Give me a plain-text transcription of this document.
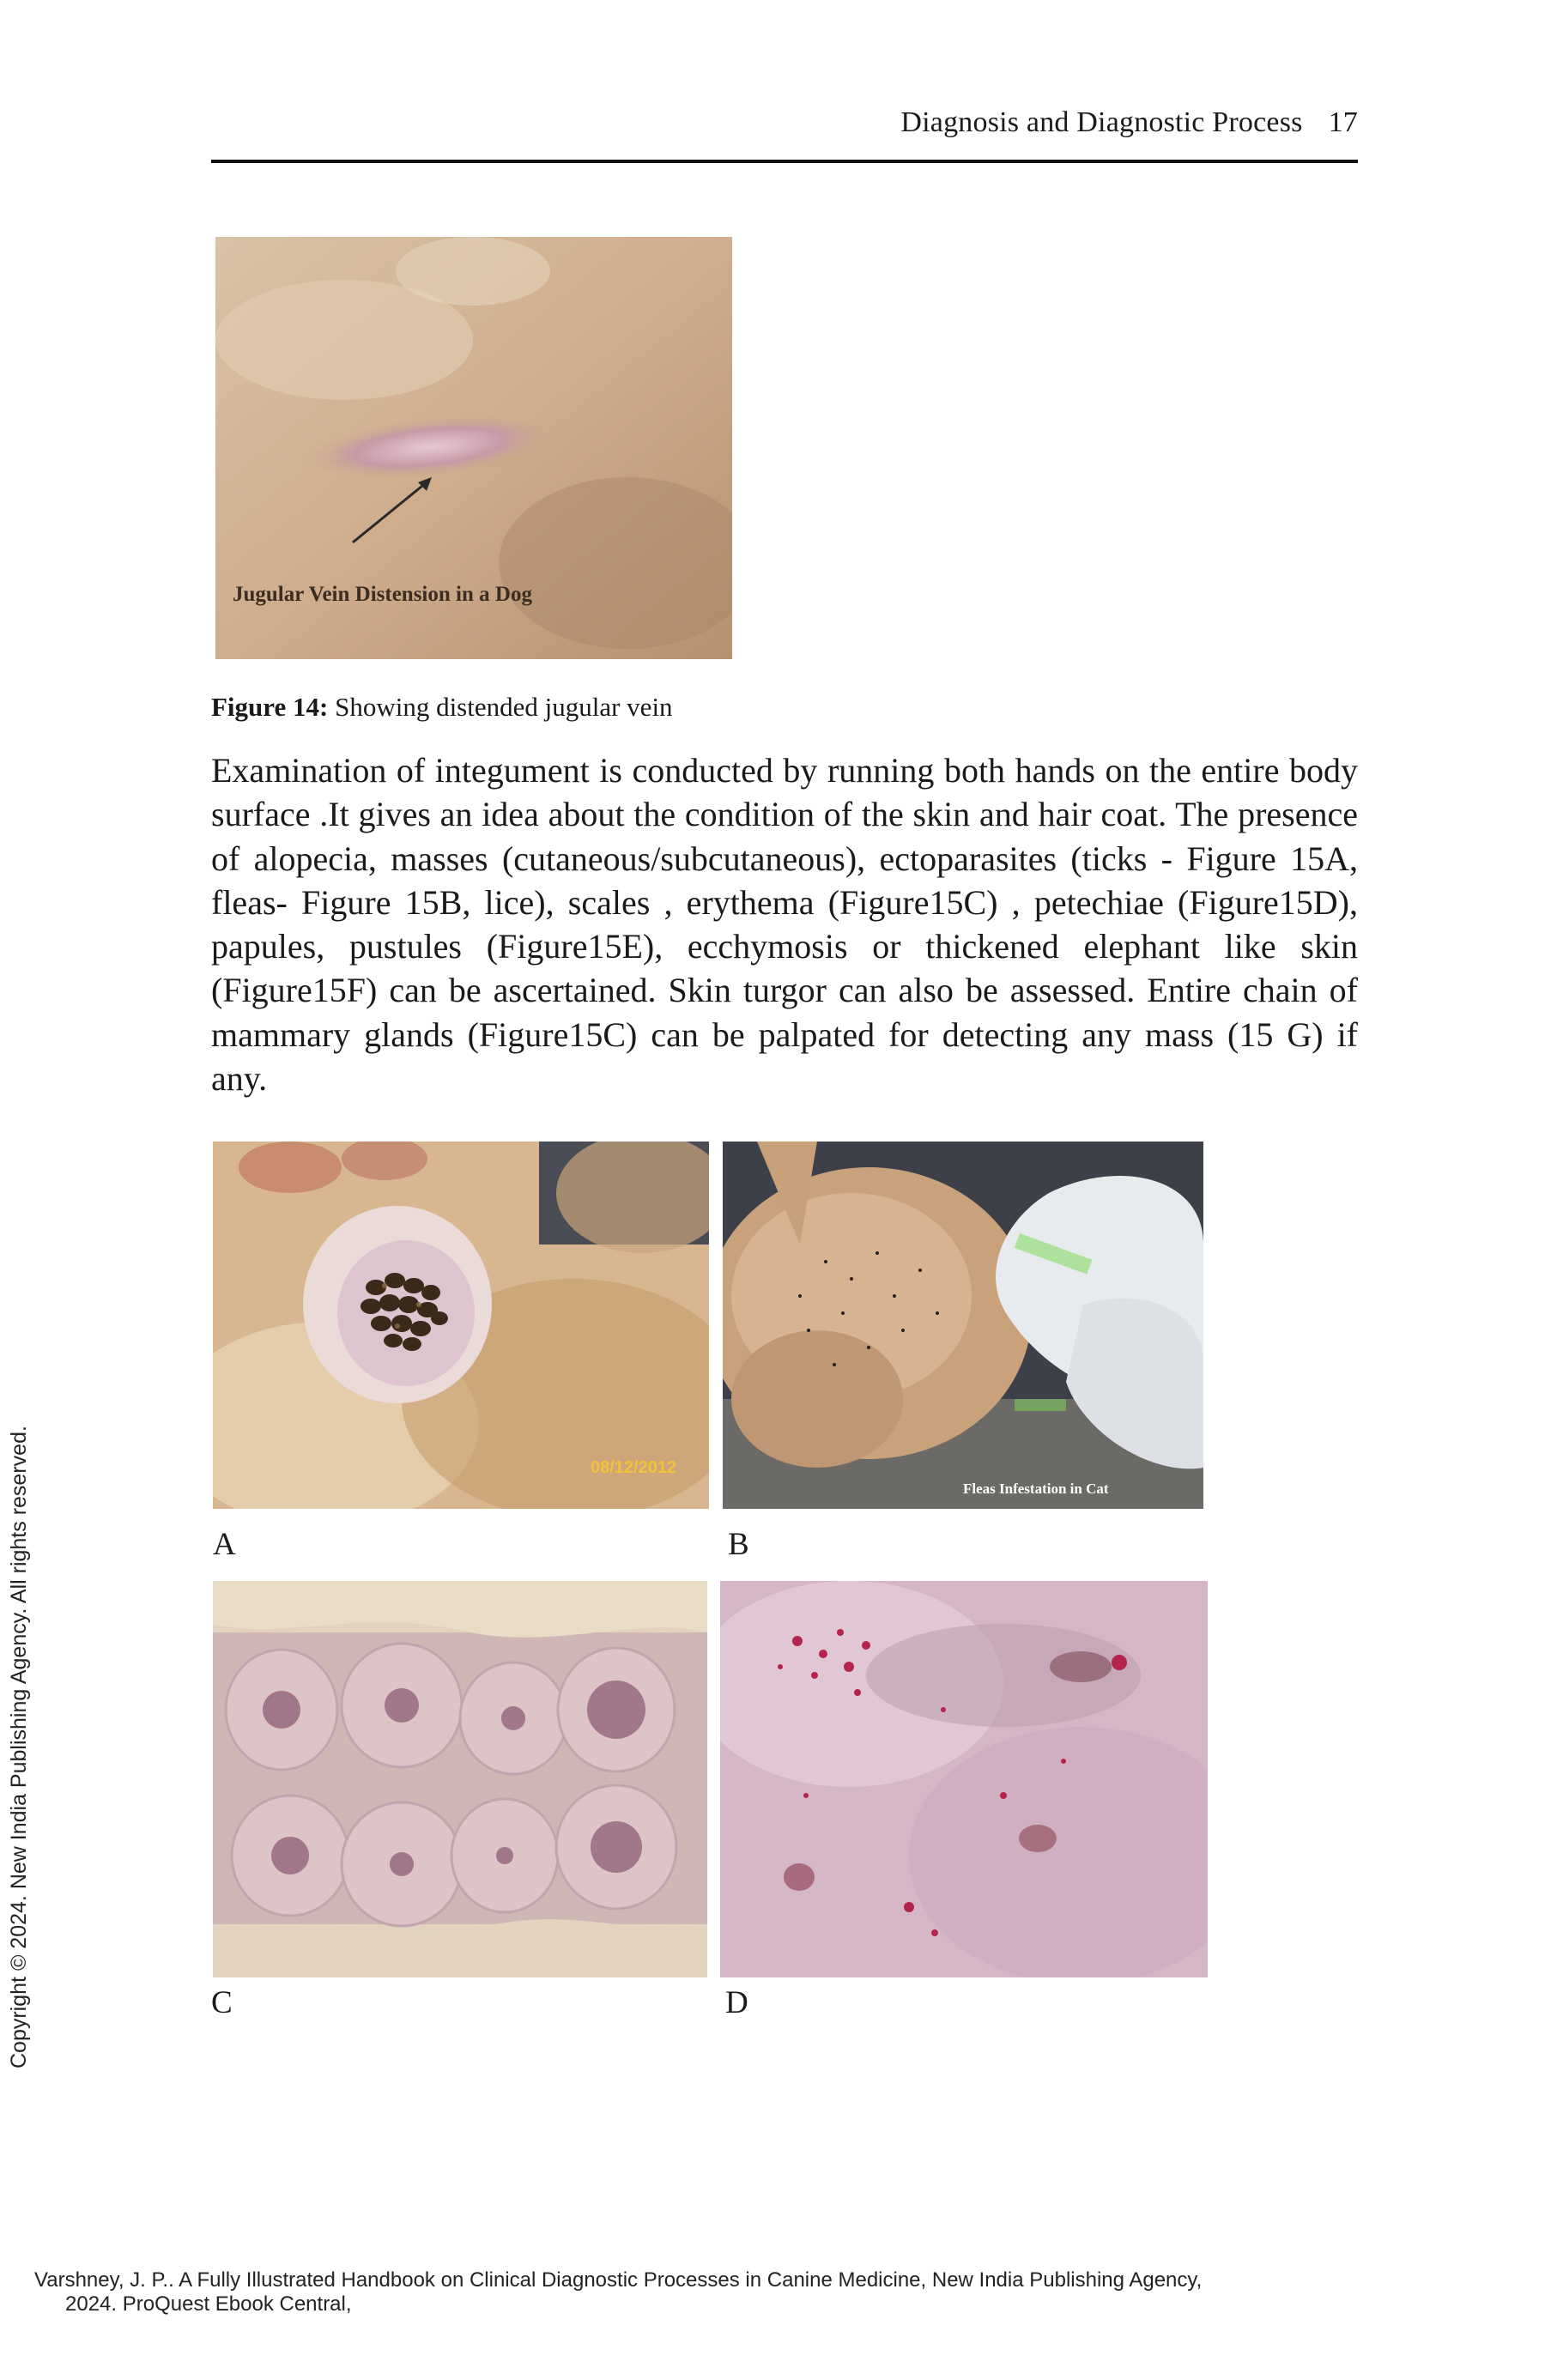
Diagnosis and Diagnostic Process 17
Jugular Vein Distension in a Dog
Figure 14: Showing distended jugular vein
Examination of integument is conducted by running both hands on the entire body surface .It gives an idea about the condition of the skin and hair coat. The presence of alopecia, masses (cutaneous/subcutaneous), ectoparasites (ticks - Figure 15A, fleas- Figure 15B, lice), scales , erythema (Figure15C) , petechiae (Figure15D), papules, pustules (Figure15E), ecchymosis or thickened elephant like skin (Figure15F) can be ascertained. Skin turgor can also be assessed. Entire chain of mammary glands (Figure15C) can be palpated for detecting any mass (15 G) if any.
08/12/2012
Fleas Infestation in Cat
A	B
C	D
Copyright © 2024. New India Publishing Agency. All rights reserved.
Varshney, J. P.. A Fully Illustrated Handbook on Clinical Diagnostic Processes in Canine Medicine, New India Publishing Agency,
2024. ProQuest Ebook Central,
